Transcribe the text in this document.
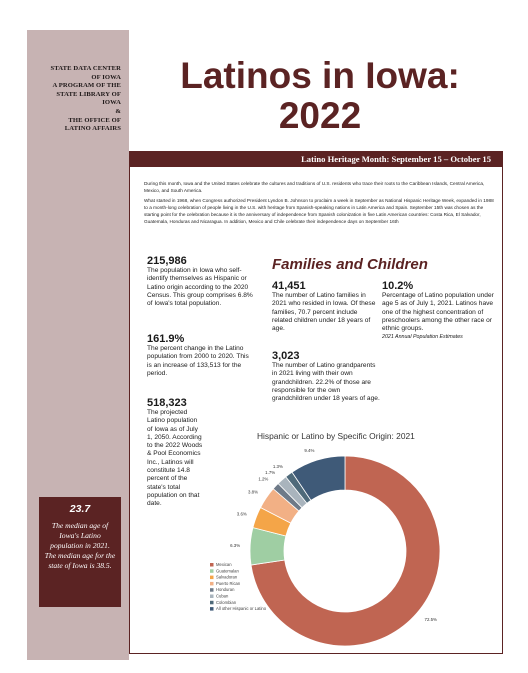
STATE DATA CENTER
OF IOWA
A PROGRAM OF THE
STATE LIBRARY OF
IOWA
&
THE OFFICE OF
LATINO AFFAIRS
Latinos in Iowa:
2022
Latino Heritage Month: September 15 – October 15

During this month, Iowa and the United States celebrate the cultures and traditions of U.S. residents who trace their roots to the Caribbean Islands, Central America, Mexico, and South America.

What started in 1968, when Congress authorized President Lyndon B. Johnson to proclaim a week in September as National Hispanic Heritage Week, expanded in 1988 to a month-long celebration of people living in the U.S. with heritage from Spanish-speaking nations in Latin America and Spain. September 15th was chosen as the starting point for the celebration because it is the anniversary of independence from Spanish colonization in five Latin American countries: Costa Rica, El Salvador, Guatemala, Honduras and Nicaragua. In addition, Mexico and Chile celebrate their independence days on September 16th

215,986
The population in Iowa who self-identify themselves as Hispanic or Latino origin according to the 2020 Census. This group comprises 6.8% of Iowa's total population.
161.9%
The percent change in the Latino population from 2000 to 2020. This is an increase of 133,513 for the period.
518,323
The projected Latino population of Iowa as of July 1, 2050. According to the 2022 Woods & Pool Economics Inc., Latinos will constitute 14.8 percent of the state's total population on that date.
Families and Children
41,451
The number of Latino families in 2021 who resided in Iowa. Of these families, 70.7 percent include related children under 18 years of age.
3,023
The number of Latino grandparents in 2021 living with their own grandchildren. 22.2% of those are responsible for the own grandchildren under 18 years of age.
10.2%
Percentage of Latino population under age 5 as of July 1, 2021. Latinos have one of the highest concentration of preschoolers among the other race or ethnic groups.
2021 Annual Population Estimates
Hispanic or Latino by Specific Origin: 2021
72.5%
6.3%
3.6%
3.8%
1.2%
1.7%
1.3%
9.4%
Mexican
Guatemalan
Salvadoran
Puerto Rican
Honduran
Cuban
Colombian
All other Hispanic or Latino
23.7
The median age of Iowa's Latino population in 2021. The median age for the state of Iowa is 38.5.
